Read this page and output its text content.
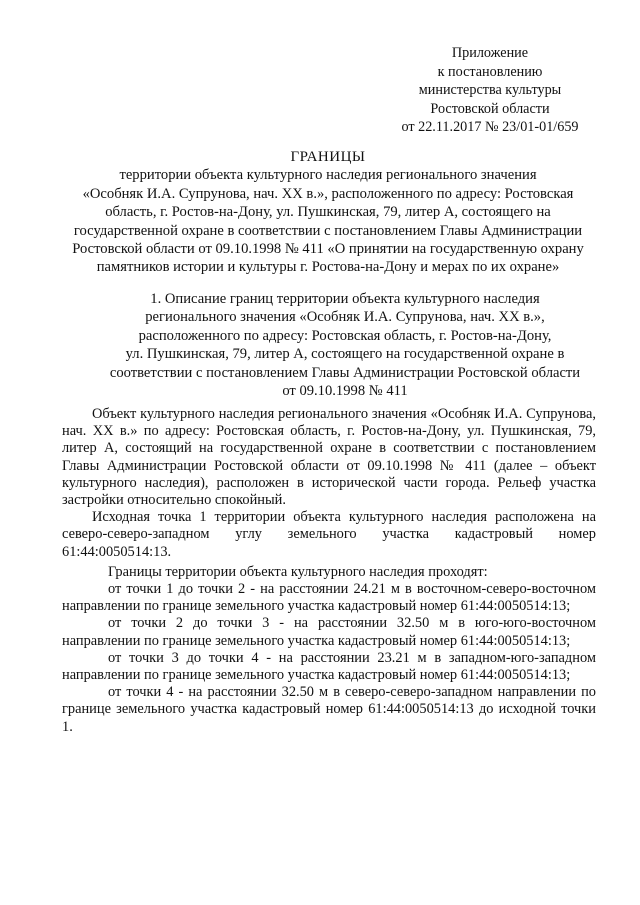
Приложение
к постановлению
министерства культуры
Ростовской области
от 22.11.2017 № 23/01-01/659
ГРАНИЦЫ
территории объекта культурного наследия регионального значения
«Особняк И.А. Супрунова, нач. XX в.», расположенного по адресу: Ростовская
область, г. Ростов-на-Дону, ул. Пушкинская, 79, литер А, состоящего на
государственной охране в соответствии с постановлением Главы Администрации
Ростовской области от 09.10.1998 № 411 «О принятии на государственную охрану
памятников истории и культуры г. Ростова-на-Дону и мерах по их охране»
1. Описание границ территории объекта культурного наследия
регионального значения «Особняк И.А. Супрунова, нач. XX в.»,
расположенного по адресу: Ростовская область, г. Ростов-на-Дону,
ул. Пушкинская, 79, литер А, состоящего на государственной охране в
соответствии с постановлением Главы Администрации Ростовской области
от 09.10.1998 № 411

Объект культурного наследия регионального значения «Особняк И.А. Супрунова, нач. XX в.» по адресу: Ростовская область, г. Ростов-на-Дону, ул. Пушкинская, 79, литер А, состоящий на государственной охране в соответствии с постановлением Главы Администрации Ростовской области от 09.10.1998 № 411 (далее – объект культурного наследия), расположен в исторической части города. Рельеф участка застройки относительно спокойный.

Исходная точка 1 территории объекта культурного наследия расположена на северо-северо-западном углу земельного участка кадастровый номер 61:44:0050514:13.

Границы территории объекта культурного наследия проходят:

от точки 1 до точки 2 - на расстоянии 24.21 м в восточном-северо-восточном направлении по границе земельного участка кадастровый номер 61:44:0050514:13;

от точки 2 до точки 3 - на расстоянии 32.50 м в юго-юго-восточном направлении по границе земельного участка кадастровый номер 61:44:0050514:13;

от точки 3 до точки 4 - на расстоянии 23.21 м в западном-юго-западном направлении по границе земельного участка кадастровый номер 61:44:0050514:13;

от точки 4 - на расстоянии 32.50 м в северо-северо-западном направлении по границе земельного участка кадастровый номер 61:44:0050514:13 до исходной точки 1.
